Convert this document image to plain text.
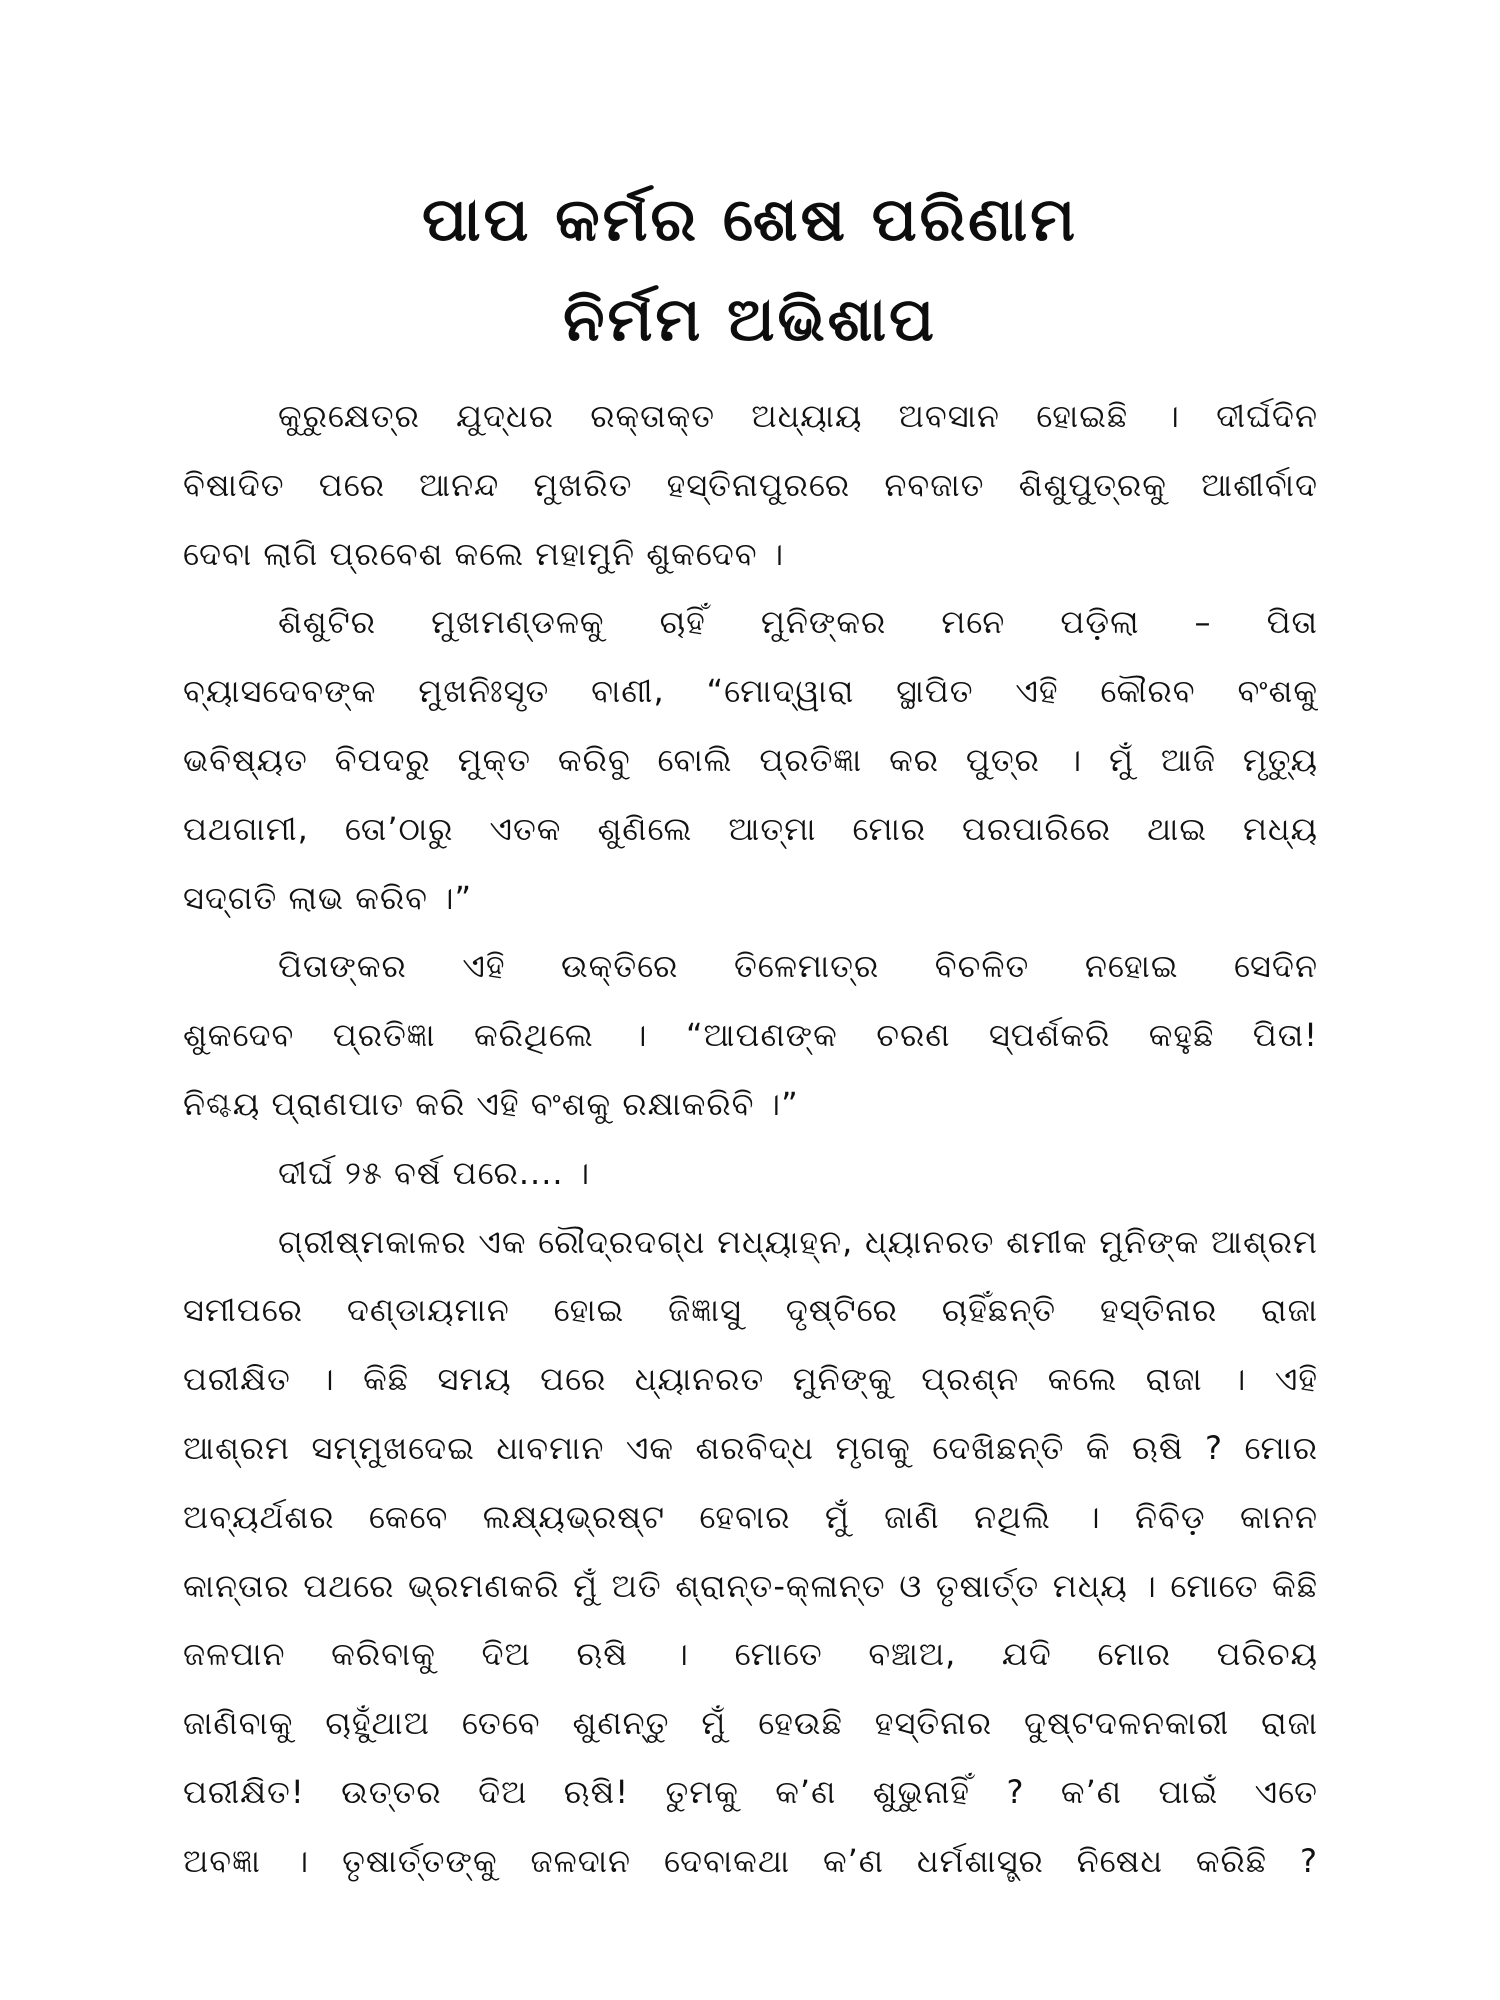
ପାପ କର୍ମର ଶେଷ ପରିଣାମ
ନିର୍ମମ ଅଭିଶାପ
କୁରୁକ୍ଷେତ୍ର ଯୁଦ୍ଧର ରକ୍ତାକ୍ତ ଅଧ୍ୟାୟ ଅବସାନ ହୋଇଛି । ଦୀର୍ଘଦିନ
ବିଷାଦିତ ପରେ ଆନନ୍ଦ ମୁଖରିତ ହସ୍ତିନାପୁରରେ ନବଜାତ ଶିଶୁପୁତ୍ରକୁ ଆଶୀର୍ବାଦ
ଦେବା ଲାଗି ପ୍ରବେଶ କଲେ ମହାମୁନି ଶୁକଦେବ ।
ଶିଶୁଟିର ମୁଖମଣ୍ଡଳକୁ ଚାହିଁ ମୁନିଙ୍କର ମନେ ପଡ଼ିଲା – ପିତା
ବ୍ୟାସଦେବଙ୍କ ମୁଖନିଃସୃତ ବାଣୀ, “ମୋଦ୍ୱାରା ସ୍ଥାପିତ ଏହି କୌରବ ବଂଶକୁ
ଭବିଷ୍ୟତ ବିପଦରୁ ମୁକ୍ତ କରିବୁ ବୋଲି ପ୍ରତିଜ୍ଞା କର ପୁତ୍ର । ମୁଁ ଆଜି ମୃତ୍ୟୁ
ପଥଗାମୀ, ତୋ’ଠାରୁ ଏତକ ଶୁଣିଲେ ଆତ୍ମା ମୋର ପରପାରିରେ ଥାଇ ମଧ୍ୟ
ସଦ୍‌ଗତି ଲାଭ କରିବ ।”
ପିତାଙ୍କର ଏହି ଉକ୍ତିରେ ତିଳେମାତ୍ର ବିଚଳିତ ନହୋଇ ସେଦିନ
ଶୁକଦେବ ପ୍ରତିଜ୍ଞା କରିଥିଲେ । “ଆପଣଙ୍କ ଚରଣ ସ୍ପର୍ଶକରି କହୁଛି ପିତା!
ନିଶ୍ଚୟ ପ୍ରାଣପାତ କରି ଏହି ବଂଶକୁ ରକ୍ଷାକରିବି ।”
ଦୀର୍ଘ ୨୫ ବର୍ଷ ପରେ.... ।
ଗ୍ରୀଷ୍ମକାଳର ଏକ ରୌଦ୍ରଦଗ୍ଧ ମଧ୍ୟାହ୍ନ, ଧ୍ୟାନରତ ଶମୀକ ମୁନିଙ୍କ ଆଶ୍ରମ
ସମୀପରେ ଦଣ୍ଡାୟମାନ ହୋଇ ଜିଜ୍ଞାସୁ ଦୃଷ୍ଟିରେ ଚାହିଁଛନ୍ତି ହସ୍ତିନାର ରାଜା
ପରୀକ୍ଷିତ । କିଛି ସମୟ ପରେ ଧ୍ୟାନରତ ମୁନିଙ୍କୁ ପ୍ରଶ୍ନ କଲେ ରାଜା । ଏହି
ଆଶ୍ରମ ସମ୍ମୁଖଦେଇ ଧାବମାନ ଏକ ଶରବିଦ୍ଧ ମୃଗକୁ ଦେଖିଛନ୍ତି କି ଋଷି ? ମୋର
ଅବ୍ୟର୍ଥଶର କେବେ ଲକ୍ଷ୍ୟଭ୍ରଷ୍ଟ ହେବାର ମୁଁ ଜାଣି ନଥିଲି । ନିବିଡ଼ କାନନ
କାନ୍ତାର ପଥରେ ଭ୍ରମଣକରି ମୁଁ ଅତି ଶ୍ରାନ୍ତ-କ୍ଳାନ୍ତ ଓ ତୃଷାର୍ତ୍ତ ମଧ୍ୟ । ମୋତେ କିଛି
ଜଳପାନ କରିବାକୁ ଦିଅ ଋଷି । ମୋତେ ବଞ୍ଚାଅ, ଯଦି ମୋର ପରିଚୟ
ଜାଣିବାକୁ ଚାହୁଁଥାଅ ତେବେ ଶୁଣନ୍ତୁ ମୁଁ ହେଉଛି ହସ୍ତିନାର ଦୁଷ୍ଟଦଳନକାରୀ ରାଜା
ପରୀକ୍ଷିତ! ଉତ୍ତର ଦିଅ ଋଷି! ତୁମକୁ କ’ଣ ଶୁଭୁନାହିଁ ? କ’ଣ ପାଇଁ ଏତେ
ଅବଜ୍ଞା । ତୃଷାର୍ତ୍ତଙ୍କୁ ଜଳଦାନ ଦେବାକଥା କ’ଣ ଧର୍ମଶାସ୍ତ୍ର ନିଷେଧ କରିଛି ?
